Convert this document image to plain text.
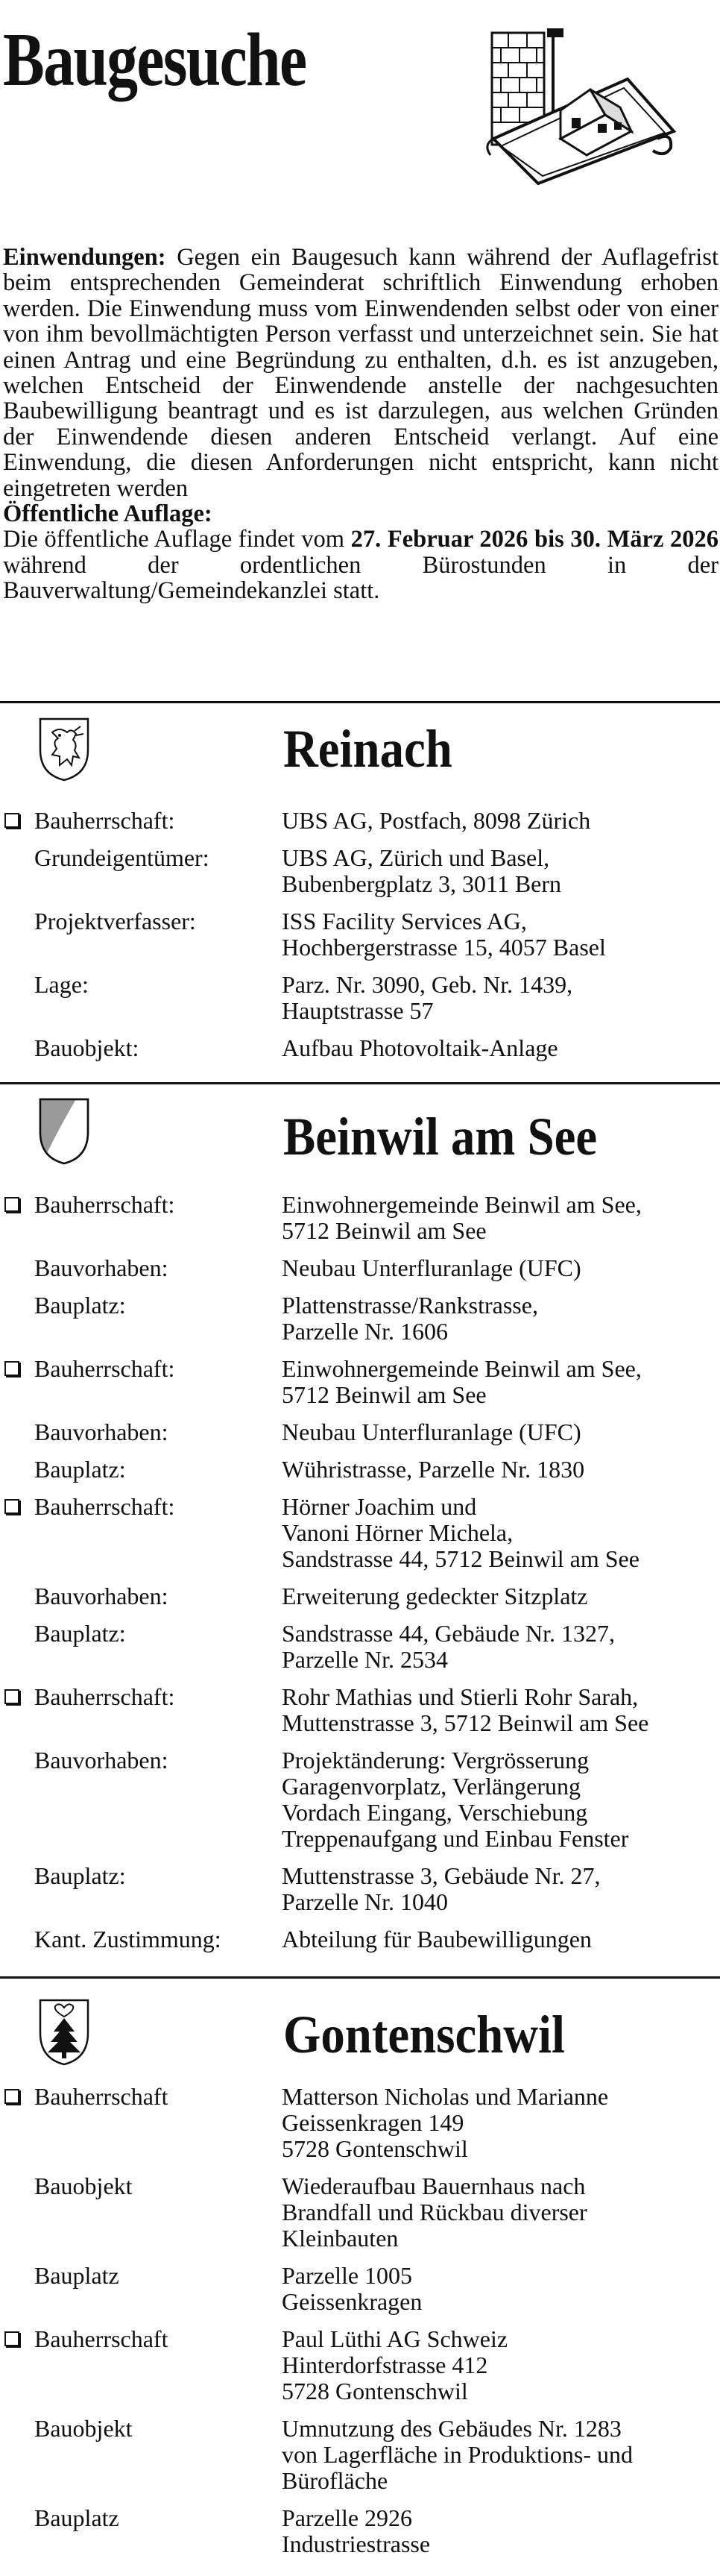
Baugesuche

Einwendungen: Gegen ein Baugesuch kann während der Auflagefrist beim entsprechenden Gemeinderat schriftlich Einwendung erhoben werden. Die Einwendung muss vom Einwendenden selbst oder von einer von ihm bevollmächtigten Person verfasst und unterzeichnet sein. Sie hat einen Antrag und eine Begründung zu enthalten, d.h. es ist anzugeben, welchen Entscheid der Einwendende anstelle der nachgesuchten Baubewilligung beantragt und es ist darzulegen, aus welchen Gründen der Einwendende diesen anderen Entscheid verlangt. Auf eine Einwendung, die diesen Anforderungen nicht entspricht, kann nicht eingetreten werden

Öffentliche Auflage:

Die öffentliche Auflage findet vom 27. Februar 2026 bis 30. März 2026 während der ordentlichen Bürostunden in der Bauverwaltung/Gemeindekanzlei statt.

Reinach
Bauherrschaft:	UBS AG, Postfach, 8098 Zürich
Grundeigentümer:	UBS AG, Zürich und Basel,
Bubenbergplatz 3, 3011 Bern
Projektverfasser:	ISS Facility Services AG,
Hochbergerstrasse 15, 4057 Basel
Lage:	Parz. Nr. 3090, Geb. Nr. 1439,
Hauptstrasse 57
Bauobjekt:	Aufbau Photovoltaik-Anlage
Beinwil am See
Bauherrschaft:	Einwohnergemeinde Beinwil am See,
5712 Beinwil am See
Bauvorhaben:	Neubau Unterfluranlage (UFC)
Bauplatz:	Plattenstrasse/Rankstrasse,
Parzelle Nr. 1606
Bauherrschaft:	Einwohnergemeinde Beinwil am See,
5712 Beinwil am See
Bauvorhaben:	Neubau Unterfluranlage (UFC)
Bauplatz:	Wühristrasse, Parzelle Nr. 1830
Bauherrschaft:	Hörner Joachim und
Vanoni Hörner Michela,
Sandstrasse 44, 5712 Beinwil am See
Bauvorhaben:	Erweiterung gedeckter Sitzplatz
Bauplatz:	Sandstrasse 44, Gebäude Nr. 1327,
Parzelle Nr. 2534
Bauherrschaft:	Rohr Mathias und Stierli Rohr Sarah,
Muttenstrasse 3, 5712 Beinwil am See
Bauvorhaben:	Projektänderung: Vergrösserung
Garagenvorplatz, Verlängerung
Vordach Eingang, Verschiebung
Treppenaufgang und Einbau Fenster
Bauplatz:	Muttenstrasse 3, Gebäude Nr. 27,
Parzelle Nr. 1040
Kant. Zustimmung:	Abteilung für Baubewilligungen
Gontenschwil
Bauherrschaft	Matterson Nicholas und Marianne
Geissenkragen 149
5728 Gontenschwil
Bauobjekt	Wiederaufbau Bauernhaus nach
Brandfall und Rückbau diverser
Kleinbauten
Bauplatz	Parzelle 1005
Geissenkragen
Bauherrschaft	Paul Lüthi AG Schweiz
Hinterdorfstrasse 412
5728 Gontenschwil
Bauobjekt	Umnutzung des Gebäudes Nr. 1283
von Lagerfläche in Produktions- und
Bürofläche
Bauplatz	Parzelle 2926
Industriestrasse
